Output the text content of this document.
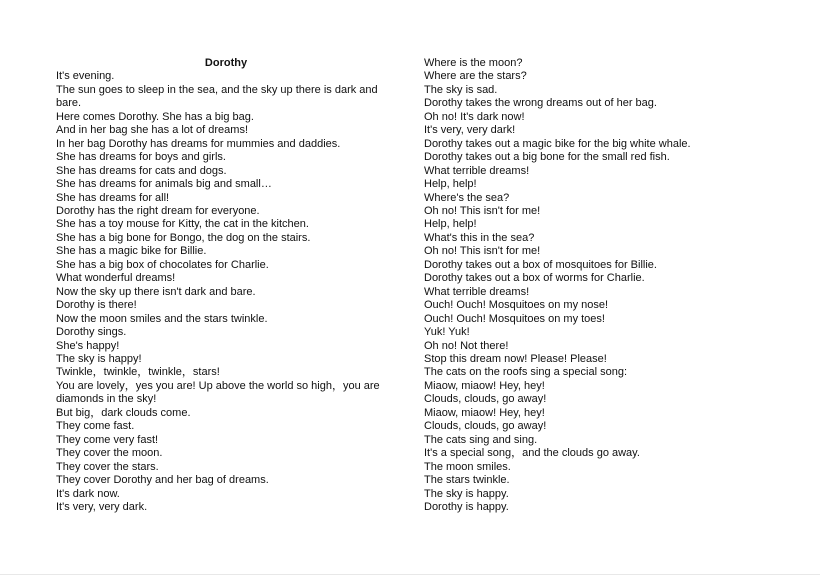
Dorothy
It's evening.
The sun goes to sleep in the sea, and the sky up there is dark and bare.
Here comes Dorothy. She has a big bag.
And in her bag she has a lot of dreams!
In her bag Dorothy has dreams for mummies and daddies.
She has dreams for boys and girls.
She has dreams for cats and dogs.
She has dreams for animals big and small…
She has dreams for all!
Dorothy has the right dream for everyone.
She has a toy mouse for Kitty, the cat in the kitchen.
She has a big bone for Bongo, the dog on the stairs.
She has a magic bike for Billie.
She has a big box of chocolates for Charlie.
What wonderful dreams!
Now the sky up there isn't dark and bare.
Dorothy is there!
Now the moon smiles and the stars twinkle.
Dorothy sings.
She's happy!
The sky is happy!
Twinkle，twinkle，twinkle，stars!
You are lovely，yes you are! Up above the world so high，you are diamonds in the sky!
But big，dark clouds come.
They come fast.
They come very fast!
They cover the moon.
They cover the stars.
They cover Dorothy and her bag of dreams.
It's dark now.
It's very, very dark.
Where is the moon?
Where are the stars?
The sky is sad.
Dorothy takes the wrong dreams out of her bag.
Oh no! It's dark now!
It's very, very dark!
Dorothy takes out a magic bike for the big white whale.
Dorothy takes out a big bone for the small red fish.
What terrible dreams!
Help, help!
Where's the sea?
Oh no! This isn't for me!
Help, help!
What's this in the sea?
Oh no! This isn't for me!
Dorothy takes out a box of mosquitoes for Billie.
Dorothy takes out a box of worms for Charlie.
What terrible dreams!
Ouch! Ouch! Mosquitoes on my nose!
Ouch! Ouch! Mosquitoes on my toes!
Yuk! Yuk!
Oh no! Not there!
Stop this dream now! Please! Please!
The cats on the roofs sing a special song:
Miaow, miaow! Hey, hey!
Clouds, clouds, go away!
Miaow, miaow! Hey, hey!
Clouds, clouds, go away!
The cats sing and sing.
It's a special song，and the clouds go away.
The moon smiles.
The stars twinkle.
The sky is happy.
Dorothy is happy.
